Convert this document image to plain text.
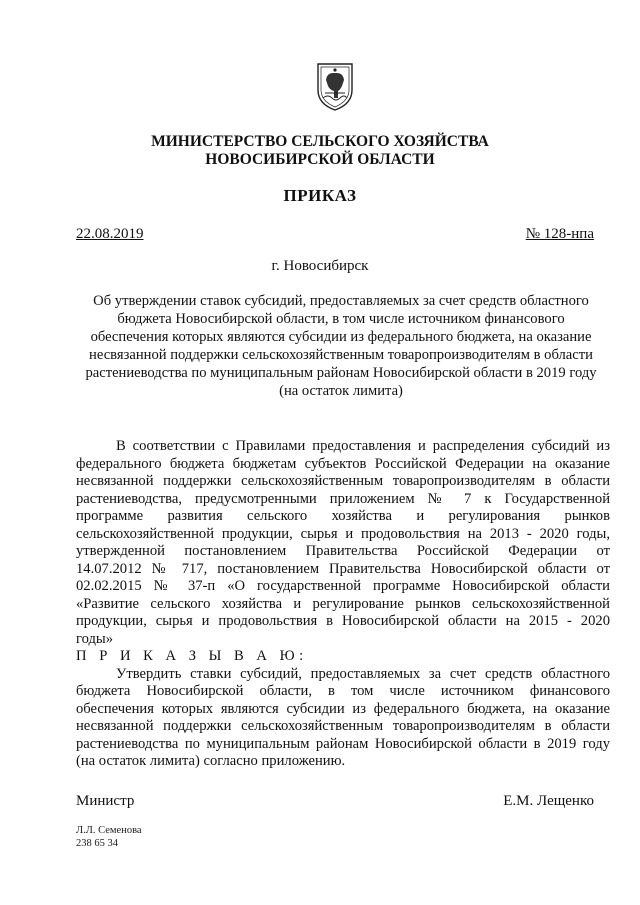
МИНИСТЕРСТВО СЕЛЬСКОГО ХОЗЯЙСТВА
НОВОСИБИРСКОЙ ОБЛАСТИ
ПРИКАЗ
22.08.2019	№ 128-нпа
г. Новосибирск
Об утверждении ставок субсидий, предоставляемых за счет средств областного
бюджета Новосибирской области, в том числе источником финансового
обеспечения которых являются субсидии из федерального бюджета, на оказание
несвязанной поддержки сельскохозяйственным товаропроизводителям в области
растениеводства по муниципальным районам Новосибирской области в 2019 году
(на остаток лимита)
В соответствии с Правилами предоставления и распределения субсидий из
федерального бюджета бюджетам субъектов Российской Федерации на оказание
несвязанной поддержки сельскохозяйственным товаропроизводителям в области
растениеводства, предусмотренными приложением № 7 к Государственной
программе развития сельского хозяйства и регулирования рынков
сельскохозяйственной продукции, сырья и продовольствия на 2013 - 2020 годы,
утвержденной постановлением Правительства Российской Федерации от
14.07.2012 № 717, постановлением Правительства Новосибирской области от
02.02.2015 № 37-п «О государственной программе Новосибирской области
«Развитие сельского хозяйства и регулирование рынков сельскохозяйственной
продукции, сырья и продовольствия в Новосибирской области на 2015 - 2020
годы»
П Р И К А З Ы В А Ю:
Утвердить ставки субсидий, предоставляемых за счет средств областного
бюджета Новосибирской области, в том числе источником финансового
обеспечения которых являются субсидии из федерального бюджета, на оказание
несвязанной поддержки сельскохозяйственным товаропроизводителям в области
растениеводства по муниципальным районам Новосибирской области в 2019 году
(на остаток лимита) согласно приложению.
Министр	Е.М. Лещенко
Л.Л. Семенова
238 65 34
